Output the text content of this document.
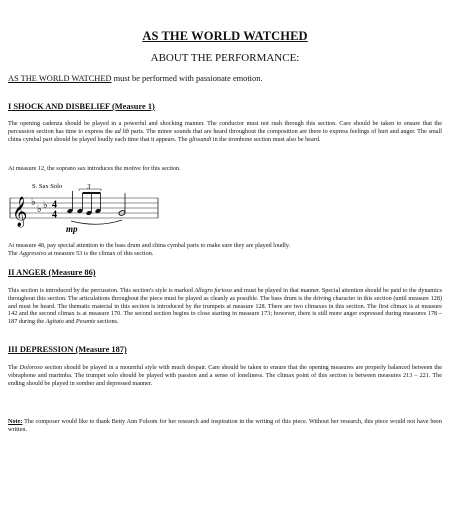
AS THE WORLD WATCHED
ABOUT THE PERFORMANCE:
AS THE WORLD WATCHED must be performed with passionate emotion.
I SHOCK AND DISBELIEF (Measure 1)

The opening cadenza should be played in a powerful and shocking manner. The conductor must not rush through this section. Care should be taken to ensure that the percussion section has time to express the ad lib parts. The minor sounds that are heard throughout the composition are there to express feelings of hurt and anger. The small china cymbal part should be played loudly each time that it appears. The glissandi in the trombone section must also be heard.

At measure 12, the soprano sax introduces the motive for this section.
S. Sax Solo
𝄞 ♭
♭ ♭ 4
4
3
mp
At measure 48, pay special attention to the bass drum and china cymbal parts to make sure they are played loudly.
The Aggressivo at measure 53 is the climax of this section.
II ANGER (Measure 86)

This section is introduced by the percussion. This section's style is marked Allegro furioso and must be played in that manner. Special attention should be paid to the dynamics throughout this section. The articulations throughout the piece must be played as cleanly as possible. The bass drum is the driving character in this section (until measure 128) and must be heard. The thematic material in this section is introduced by the trumpets at measure 128. There are two climaxes in this section. The first climax is at measure 142 and the second climax is at measure 170. The second section begins to close starting in measure 173; however, there is still more anger expressed during measures 178 – 187 during the Agitato and Pesante sections.

III DEPRESSION (Measure 187)

The Doloroso section should be played in a mournful style with much despair. Care should be taken to ensure that the opening measures are properly balanced between the vibraphone and marimba. The trumpet solo should be played with passion and a sense of loneliness. The climax point of this section is between measures 213 – 221. The ending should be played in somber and depressed manner.

Note: The composer would like to thank Betty Ann Folsom for her research and inspiration in the writing of this piece. Without her research, this piece would not have been written.
